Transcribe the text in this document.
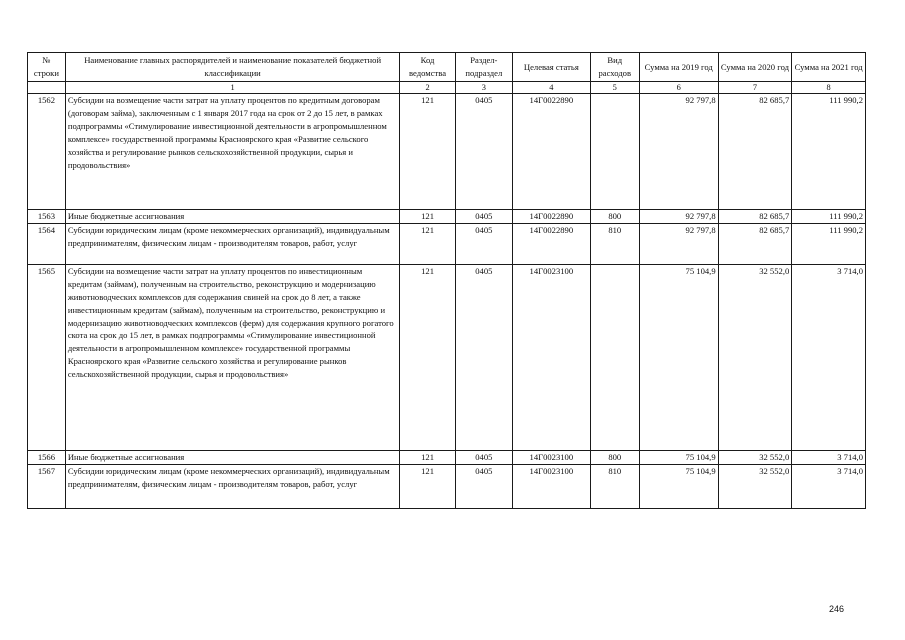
№ строки	Наименование главных распорядителей и наименование показателей бюджетной классификации	Код ведомства	Раздел-подраздел	Целевая статья	Вид расходов	Сумма на 2019 год	Сумма на 2020 год	Сумма на 2021 год
	1	2	3	4	5	6	7	8
1562	Субсидии на возмещение части затрат на уплату процентов по кредитным договорам (договорам займа), заключенным с 1 января 2017 года на срок от 2 до 15 лет, в рамках подпрограммы «Стимулирование инвестиционной деятельности в агропромышленном комплексе» государственной программы Красноярского края «Развитие сельского хозяйства и регулирование рынков сельскохозяйственной продукции, сырья и продовольствия»	121	0405	14Г0022890		92 797,8	82 685,7	111 990,2
1563	Иные бюджетные ассигнования	121	0405	14Г0022890	800	92 797,8	82 685,7	111 990,2
1564	Субсидии юридическим лицам (кроме некоммерческих организаций), индивидуальным предпринимателям, физическим лицам - производителям товаров, работ, услуг	121	0405	14Г0022890	810	92 797,8	82 685,7	111 990,2
1565	Субсидии на возмещение части затрат на уплату процентов по инвестиционным кредитам (займам), полученным на строительство, реконструкцию и модернизацию животноводческих комплексов для содержания свиней на срок до 8 лет, а также инвестиционным кредитам (займам), полученным на строительство, реконструкцию и модернизацию животноводческих комплексов (ферм) для содержания крупного рогатого скота на срок до 15 лет, в рамках подпрограммы «Стимулирование инвестиционной деятельности в агропромышленном комплексе» государственной программы Красноярского края «Развитие сельского хозяйства и регулирование рынков сельскохозяйственной продукции, сырья и продовольствия»	121	0405	14Г0023100		75 104,9	32 552,0	3 714,0
1566	Иные бюджетные ассигнования	121	0405	14Г0023100	800	75 104,9	32 552,0	3 714,0
1567	Субсидии юридическим лицам (кроме некоммерческих организаций), индивидуальным предпринимателям, физическим лицам - производителям товаров, работ, услуг	121	0405	14Г0023100	810	75 104,9	32 552,0	3 714,0
246
